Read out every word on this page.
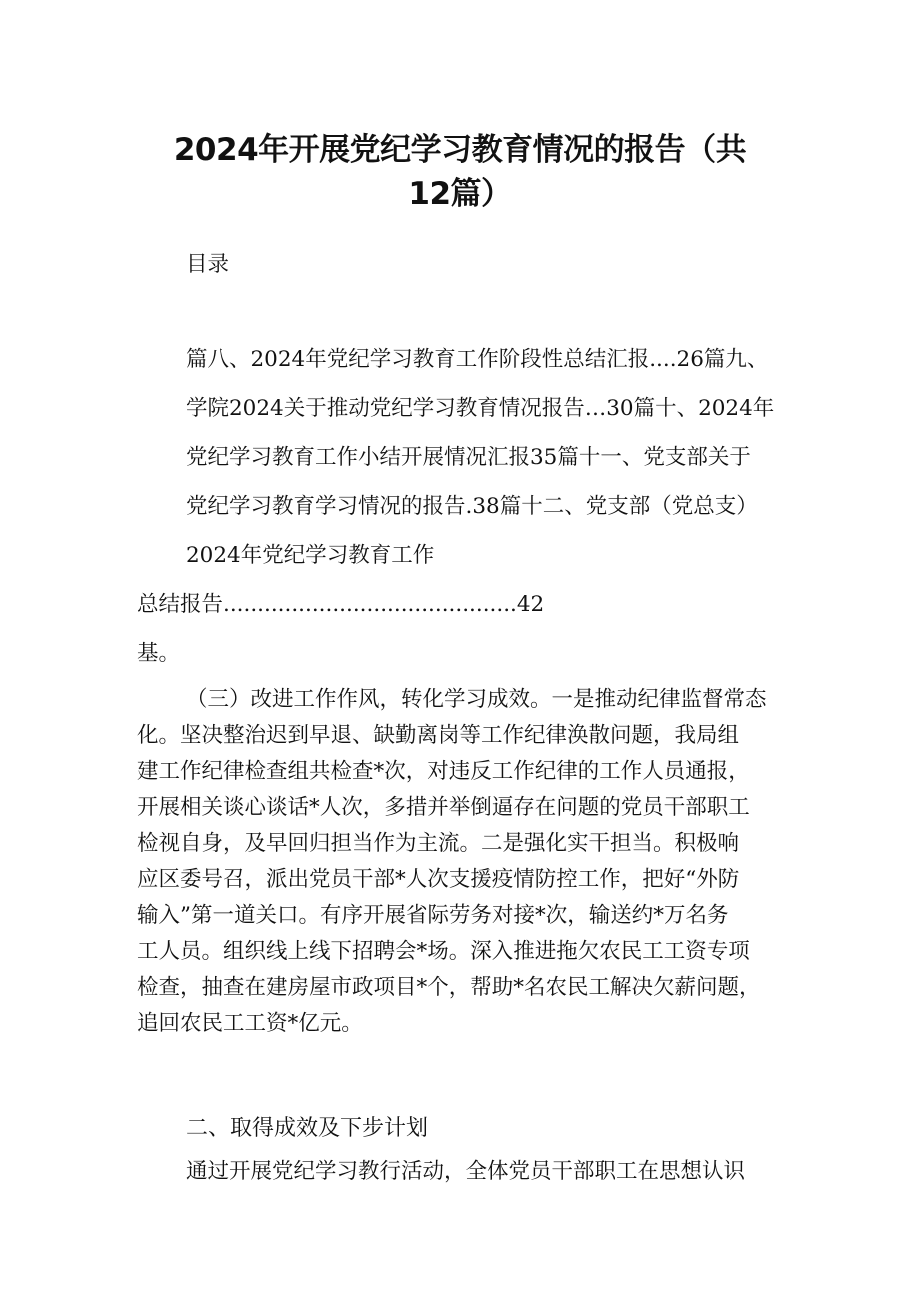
2024年开展党纪学习教育情况的报告（共
12篇）
目录
篇八、2024年党纪学习教育工作阶段性总结汇报....26篇九、
学院2024关于推动党纪学习教育情况报告…30篇十、2024年
党纪学习教育工作小结开展情况汇报35篇十一、党支部关于
党纪学习教育学习情况的报告.38篇十二、党支部（党总支）
2024年党纪学习教育工作
总结报告...........................................42
基。
（三）改进工作作风，转化学习成效。一是推动纪律监督常态
化。坚决整治迟到早退、缺勤离岗等工作纪律涣散问题，我局组
建工作纪律检查组共检查*次，对违反工作纪律的工作人员通报，
开展相关谈心谈话*人次，多措并举倒逼存在问题的党员干部职工
检视自身，及早回归担当作为主流。二是强化实干担当。积极响
应区委号召，派出党员干部*人次支援疫情防控工作，把好“外防
输入”第一道关口。有序开展省际劳务对接*次，输送约*万名务
工人员。组织线上线下招聘会*场。深入推进拖欠农民工工资专项
检查，抽查在建房屋市政项目*个，帮助*名农民工解决欠薪问题，
追回农民工工资*亿元。
二、取得成效及下步计划
通过开展党纪学习教行活动，全体党员干部职工在思想认识
